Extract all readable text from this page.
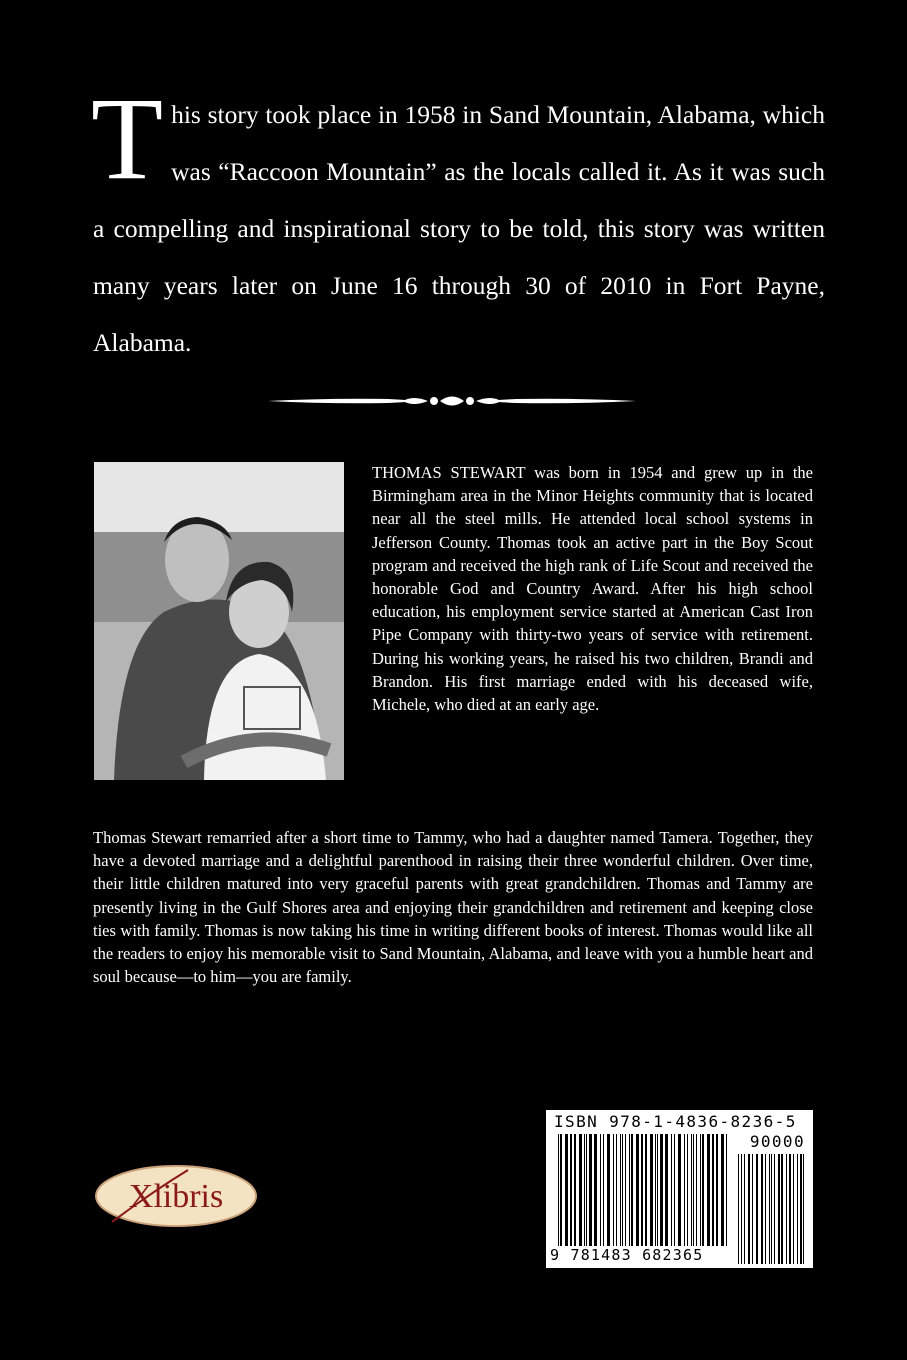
T his story took place in 1958 in Sand Mountain, Alabama, which was “Raccoon Mountain” as the locals called it. As it was such a compelling and inspirational story to be told, this story was written many years later on June 16 through 30 of 2010 in Fort Payne, Alabama.
THOMAS STEWART was born in 1954 and grew up in the Birmingham area in the Minor Heights community that is located near all the steel mills. He attended local school systems in Jefferson County. Thomas took an active part in the Boy Scout program and received the high rank of Life Scout and received the honorable God and Country Award. After his high school education, his employment service started at American Cast Iron Pipe Company with thirty-two years of service with retirement. During his working years, he raised his two children, Brandi and Brandon. His first marriage ended with his deceased wife, Michele, who died at an early age.
Thomas Stewart remarried after a short time to Tammy, who had a daughter named Tamera. Together, they have a devoted marriage and a delightful parenthood in raising their three wonderful children. Over time, their little children matured into very graceful parents with great grandchildren. Thomas and Tammy are presently living in the Gulf Shores area and enjoying their grandchildren and retirement and keeping close ties with family. Thomas is now taking his time in writing different books of interest. Thomas would like all the readers to enjoy his memorable visit to Sand Mountain, Alabama, and leave with you a humble heart and soul because—to him—you are family.
Xlibris
ISBN 978-1-4836-8236-5
90000
9 781483 682365
